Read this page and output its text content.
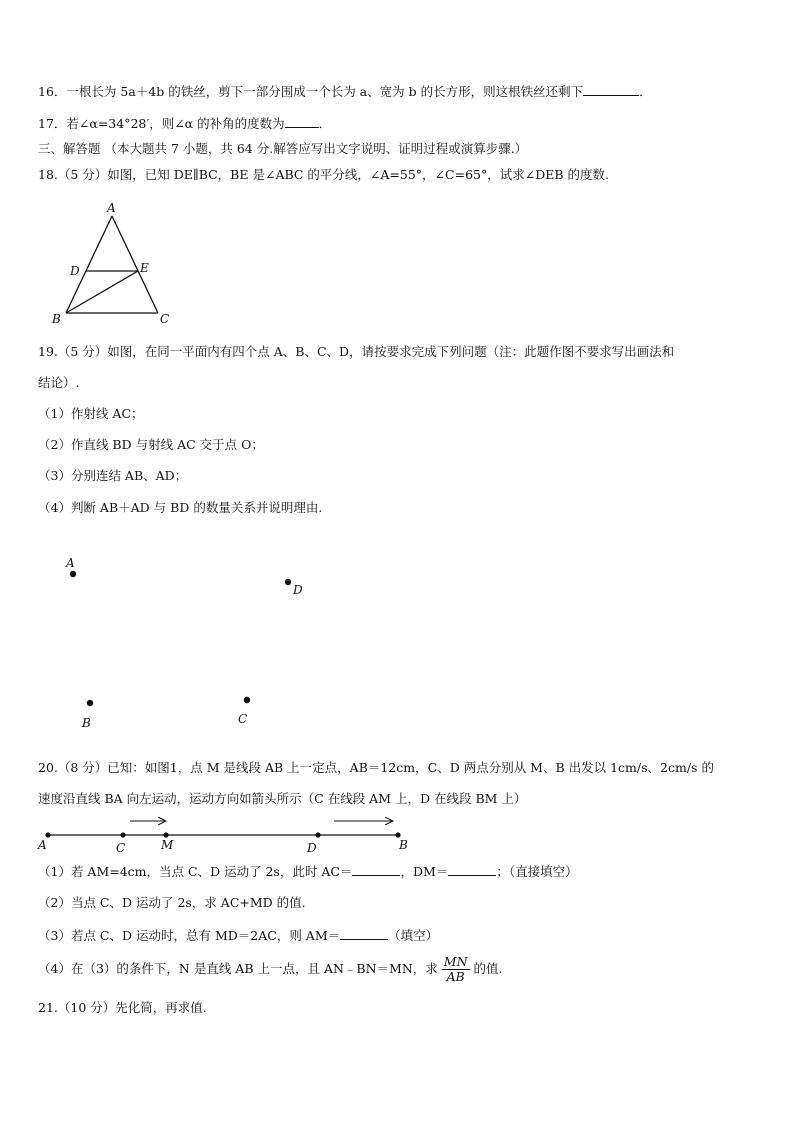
16．一根长为 5a＋4b 的铁丝，剪下一部分围成一个长为 a、宽为 b 的长方形，则这根铁丝还剩下	．
17．若∠α=34°28′，则∠α 的补角的度数为	．
三、解答题 （本大题共 7 小题，共 64 分.解答应写出文字说明、证明过程或演算步骤.）
18.（5 分）如图，已知 DE∥BC，BE 是∠ABC 的平分线，∠A=55°，∠C=65°，试求∠DEB 的度数.
A
D	E
B	C
19.（5 分）如图，在同一平面内有四个点 A、B、C、D，请按要求完成下列问题（注：此题作图不要求写出画法和
结论）.
（1）作射线 AC；
（2）作直线 BD 与射线 AC 交于点 O；
（3）分别连结 AB、AD；
（4）判断 AB＋AD 与 BD 的数量关系并说明理由.
A
D
B	C
20.（8 分）已知：如图1，点 M 是线段 AB 上一定点，AB＝12cm，C、D 两点分别从 M、B 出发以 1cm/s、2cm/s 的
速度沿直线 BA 向左运动，运动方向如箭头所示（C 在线段 AM 上，D 在线段 BM 上）
A	C	M	D	B
（1）若 AM=4cm，当点 C、D 运动了 2s，此时 AC＝	，DM＝	；（直接填空）
（2）当点 C、D 运动了 2s，求 AC+MD 的值.
（3）若点 C、D 运动时，总有 MD＝2AC，则 AM＝	（填空）
（4）在（3）的条件下，N 是直线 AB 上一点，且 AN﹣BN＝MN，求 $\frac{MN}{AB}$ 的值.
21.（10 分）先化简，再求值.
